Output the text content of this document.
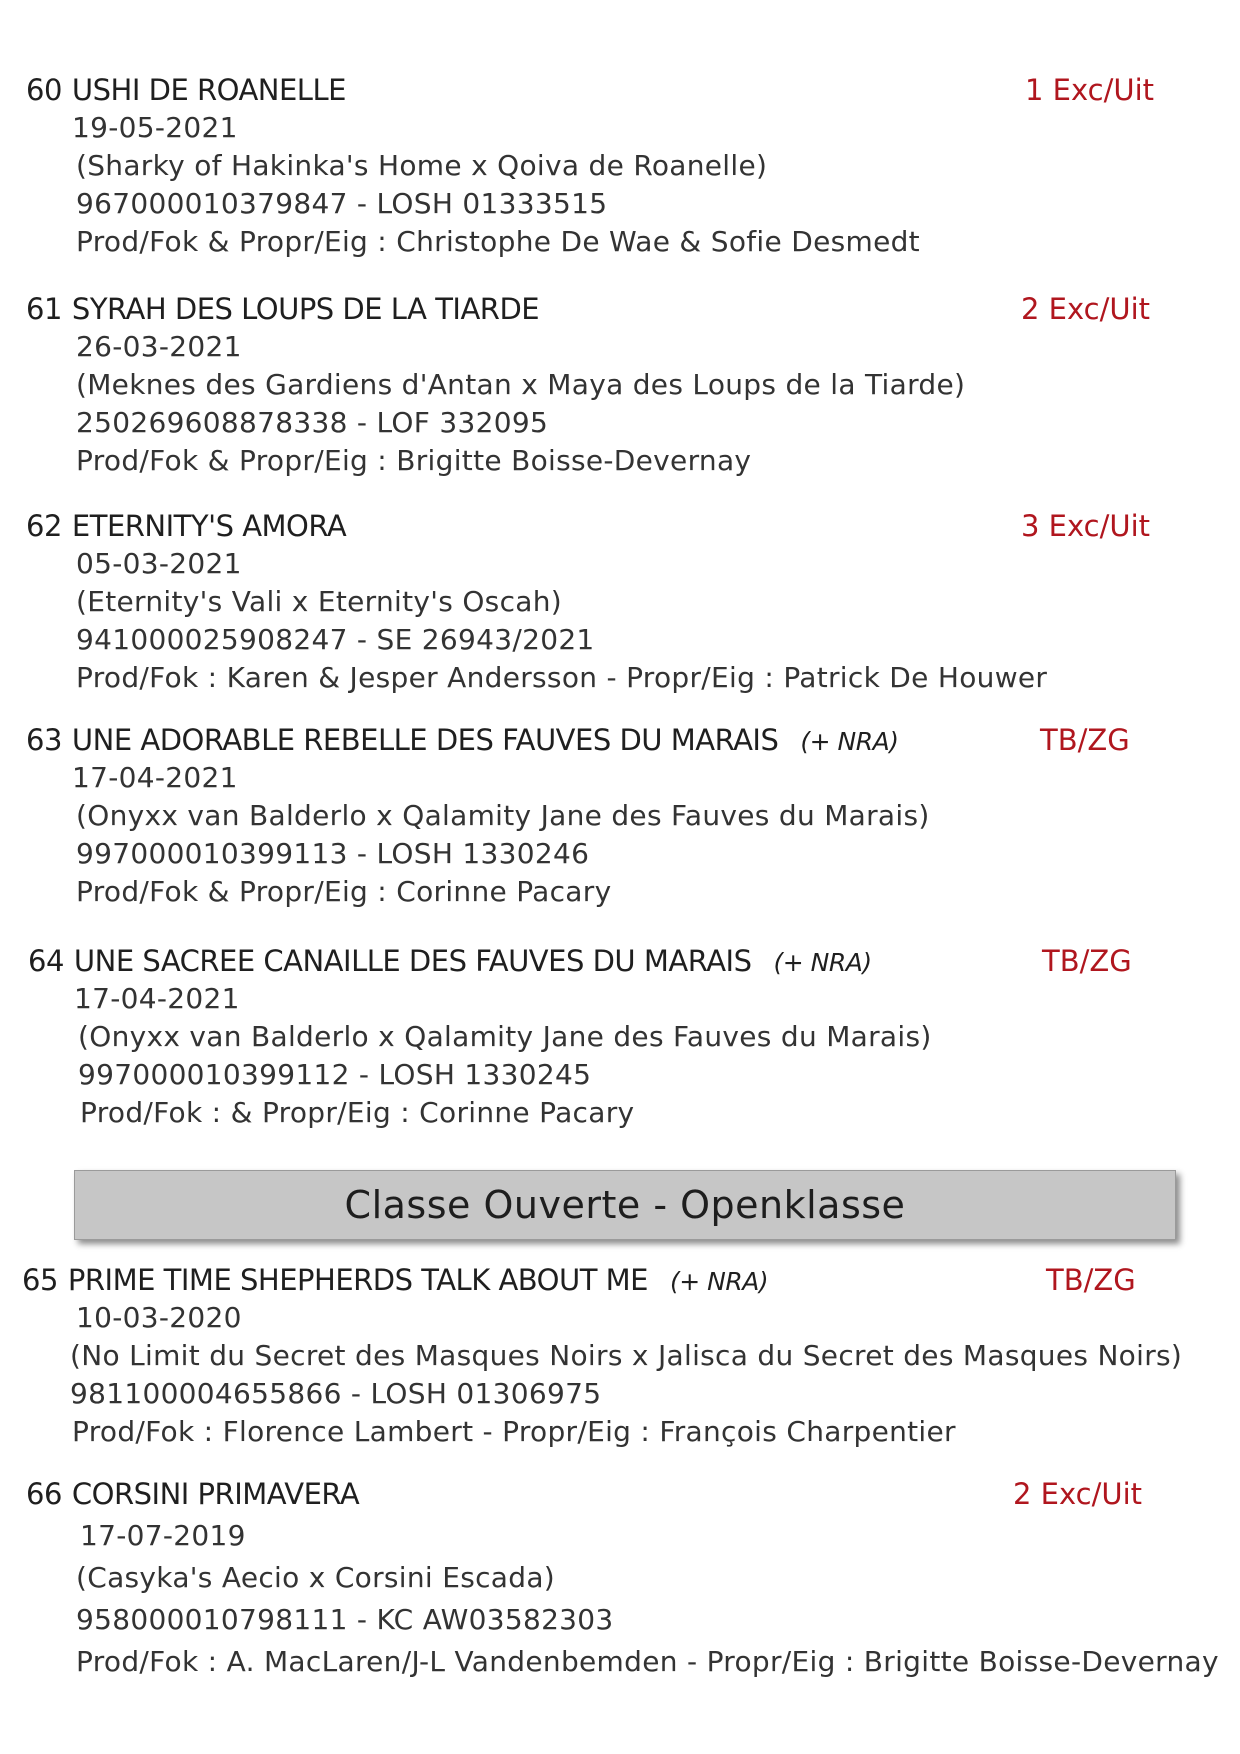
60 USHI DE ROANELLE	1 Exc/Uit
19-05-2021
(Sharky of Hakinka's Home x Qoiva de Roanelle)
967000010379847 - LOSH 01333515
Prod/Fok & Propr/Eig : Christophe De Wae & Sofie Desmedt
61 SYRAH DES LOUPS DE LA TIARDE	2 Exc/Uit
26-03-2021
(Meknes des Gardiens d'Antan x Maya des Loups de la Tiarde)
250269608878338 - LOF 332095
Prod/Fok & Propr/Eig : Brigitte Boisse-Devernay
62 ETERNITY'S AMORA	3 Exc/Uit
05-03-2021
(Eternity's Vali x Eternity's Oscah)
941000025908247 - SE 26943/2021
Prod/Fok : Karen & Jesper Andersson - Propr/Eig : Patrick De Houwer
63 UNE ADORABLE REBELLE DES FAUVES DU MARAIS (+ NRA)	TB/ZG
17-04-2021
(Onyxx van Balderlo x Qalamity Jane des Fauves du Marais)
997000010399113 - LOSH 1330246
Prod/Fok & Propr/Eig : Corinne Pacary
64 UNE SACREE CANAILLE DES FAUVES DU MARAIS (+ NRA)	TB/ZG
17-04-2021
(Onyxx van Balderlo x Qalamity Jane des Fauves du Marais)
997000010399112 - LOSH 1330245
Prod/Fok : & Propr/Eig : Corinne Pacary
Classe Ouverte - Openklasse
65 PRIME TIME SHEPHERDS TALK ABOUT ME (+ NRA)	TB/ZG
10-03-2020
(No Limit du Secret des Masques Noirs x Jalisca du Secret des Masques Noirs)
981100004655866 - LOSH 01306975
Prod/Fok : Florence Lambert - Propr/Eig : François Charpentier
66 CORSINI PRIMAVERA	2 Exc/Uit
17-07-2019
(Casyka's Aecio x Corsini Escada)
958000010798111 - KC AW03582303
Prod/Fok : A. MacLaren/J-L Vandenbemden - Propr/Eig : Brigitte Boisse-Devernay
